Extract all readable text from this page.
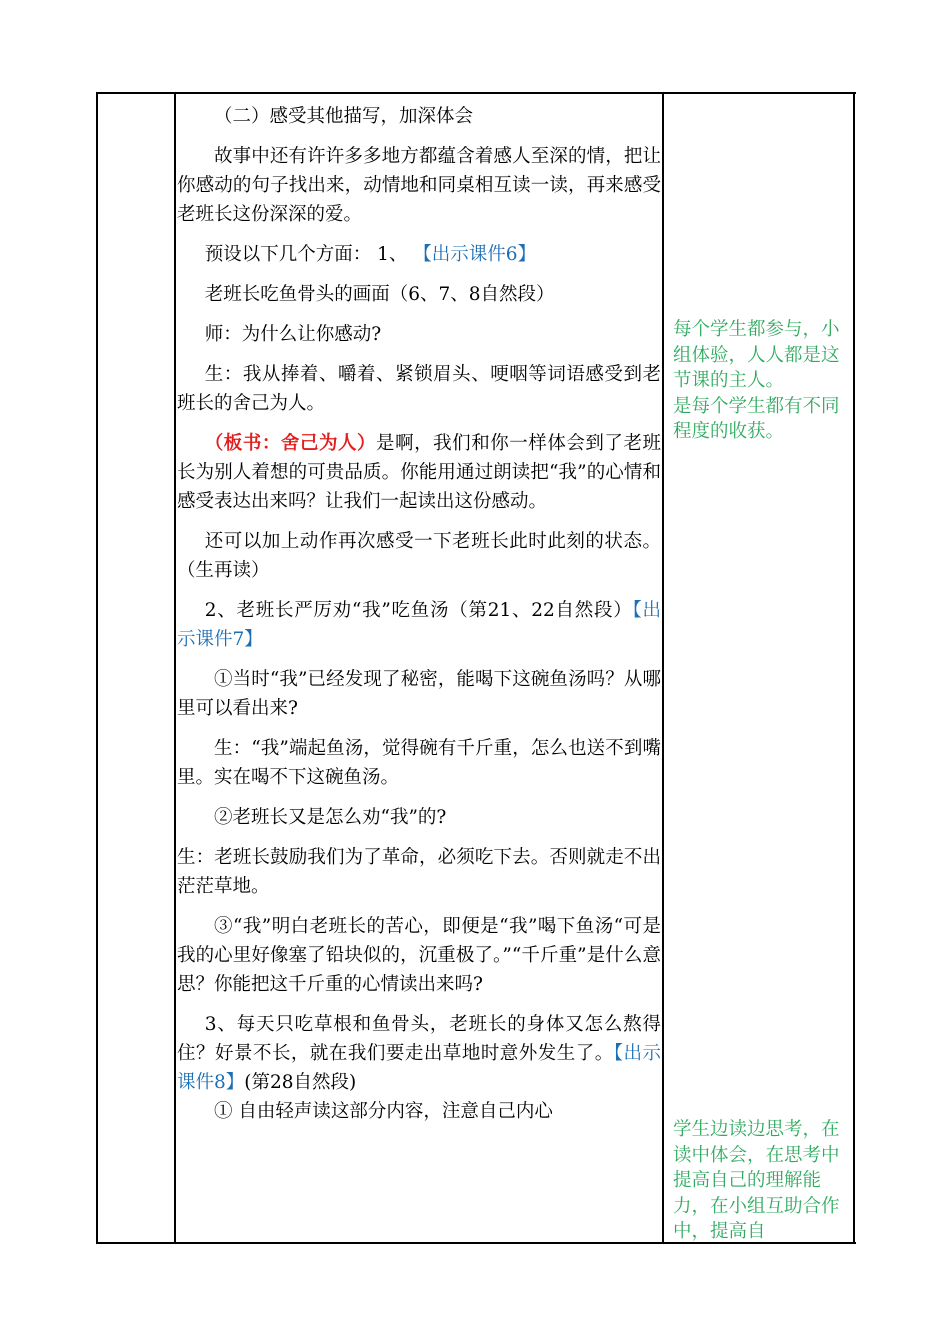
（二）感受其他描写，加深体会

故事中还有许许多多地方都蕴含着感人至深的情，把让你感动的句子找出来，动情地和同桌相互读一读，再来感受老班长这份深深的爱。

预设以下几个方面： 1、 【出示课件6】

老班长吃鱼骨头的画面（6、7、8自然段）

师：为什么让你感动?

生：我从捧着、嚼着、紧锁眉头、哽咽等词语感受到老班长的舍己为人。

（板书：舍己为人）是啊，我们和你一样体会到了老班长为别人着想的可贵品质。你能用通过朗读把“我”的心情和感受表达出来吗？让我们一起读出这份感动。

还可以加上动作再次感受一下老班长此时此刻的状态。（生再读）

2、老班长严厉劝“我”吃鱼汤（第21、22自然段）【出示课件7】

①当时“我”已经发现了秘密，能喝下这碗鱼汤吗？从哪里可以看出来?

生：“我”端起鱼汤，觉得碗有千斤重，怎么也送不到嘴里。实在喝不下这碗鱼汤。

②老班长又是怎么劝“我”的?

生：老班长鼓励我们为了革命，必须吃下去。否则就走不出茫茫草地。

③“我”明白老班长的苦心，即便是“我”喝下鱼汤“可是我的心里好像塞了铅块似的，沉重极了。”“千斤重”是什么意思？你能把这千斤重的心情读出来吗?

3、每天只吃草根和鱼骨头，老班长的身体又怎么熬得住？好景不长，就在我们要走出草地时意外发生了。【出示课件8】(第28自然段)

① 自由轻声读这部分内容，注意自己内心

每个学生都参与，小组体验，人人都是这节课的主人。

是每个学生都有不同程度的收获。

学生边读边思考，在读中体会，在思考中提高自己的理解能力，在小组互助合作中，提高自
